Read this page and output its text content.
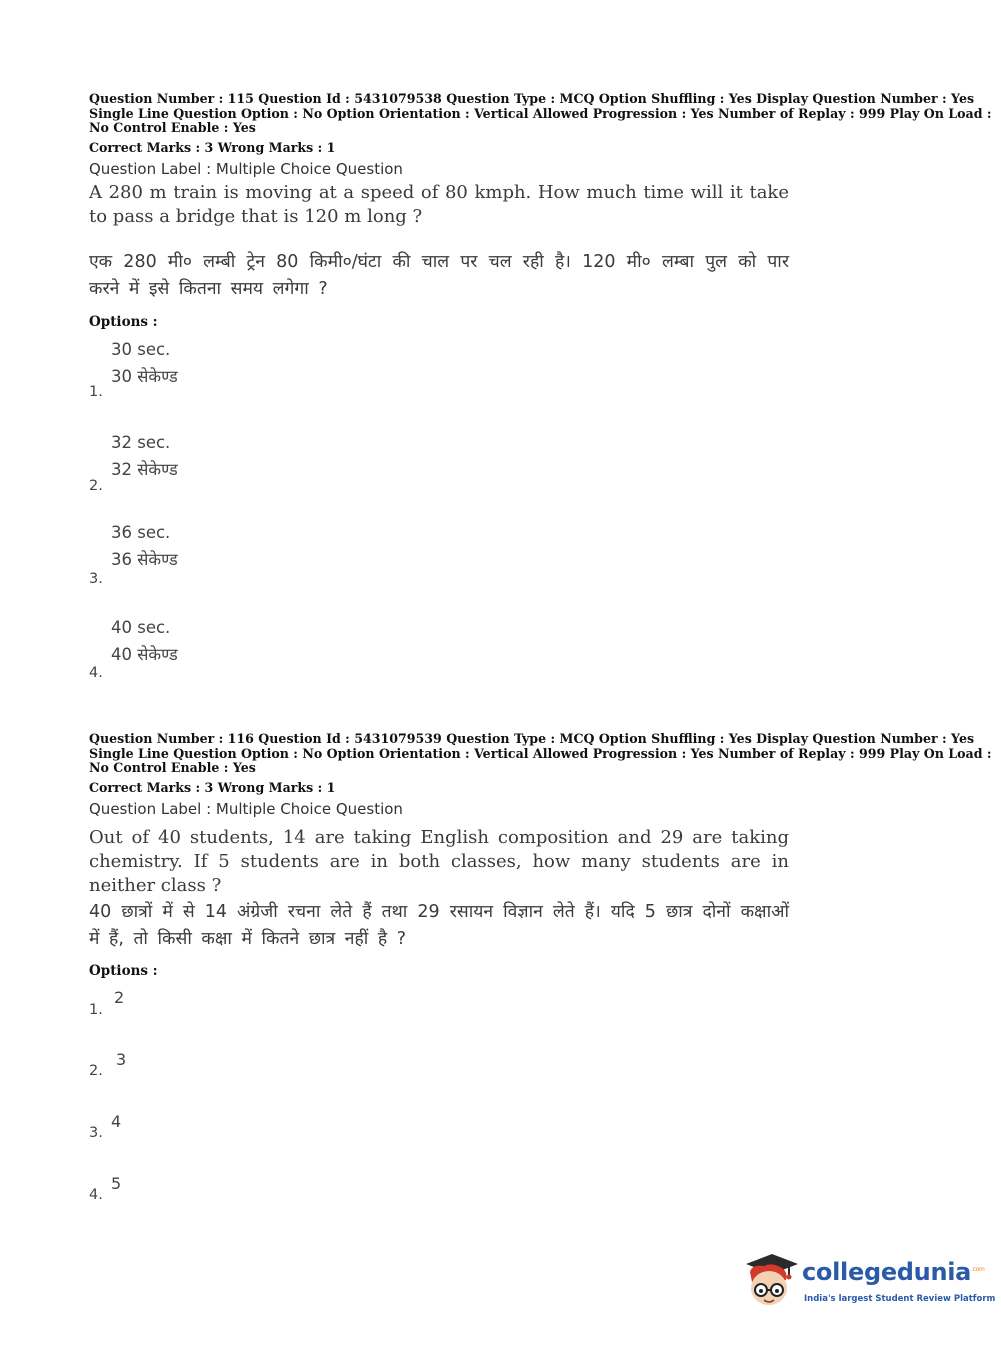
Question Number : 115 Question Id : 5431079538 Question Type : MCQ Option Shuffling : Yes Display Question Number : Yes
Single Line Question Option : No Option Orientation : Vertical Allowed Progression : Yes Number of Replay : 999 Play On Load :
No Control Enable : Yes
Correct Marks : 3 Wrong Marks : 1
Question Label : Multiple Choice Question
A 280 m train is moving at a speed of 80 kmph. How much time will it take to pass a bridge that is 120 m long ?
एक 280 मी० लम्बी ट्रेन 80 किमी०/घंटा की चाल पर चल रही है। 120 मी० लम्बा पुल को पार करने में इसे कितना समय लगेगा ?
Options :
30 sec.
30 सेकेण्ड
1.
32 sec.
32 सेकेण्ड
2.
36 sec.
36 सेकेण्ड
3.
40 sec.
40 सेकेण्ड
4.
Question Number : 116 Question Id : 5431079539 Question Type : MCQ Option Shuffling : Yes Display Question Number : Yes
Single Line Question Option : No Option Orientation : Vertical Allowed Progression : Yes Number of Replay : 999 Play On Load :
No Control Enable : Yes
Correct Marks : 3 Wrong Marks : 1
Question Label : Multiple Choice Question
Out of 40 students, 14 are taking English composition and 29 are taking chemistry. If 5 students are in both classes, how many students are in neither class ?
40 छात्रों में से 14 अंग्रेजी रचना लेते हैं तथा 29 रसायन विज्ञान लेते हैं। यदि 5 छात्र दोनों कक्षाओं में हैं, तो किसी कक्षा में कितने छात्र नहीं है ?
Options :
1.
2
2.
3
3.
4
4.
5
collegedunia$^{.com}$
India's largest Student Review Platform
